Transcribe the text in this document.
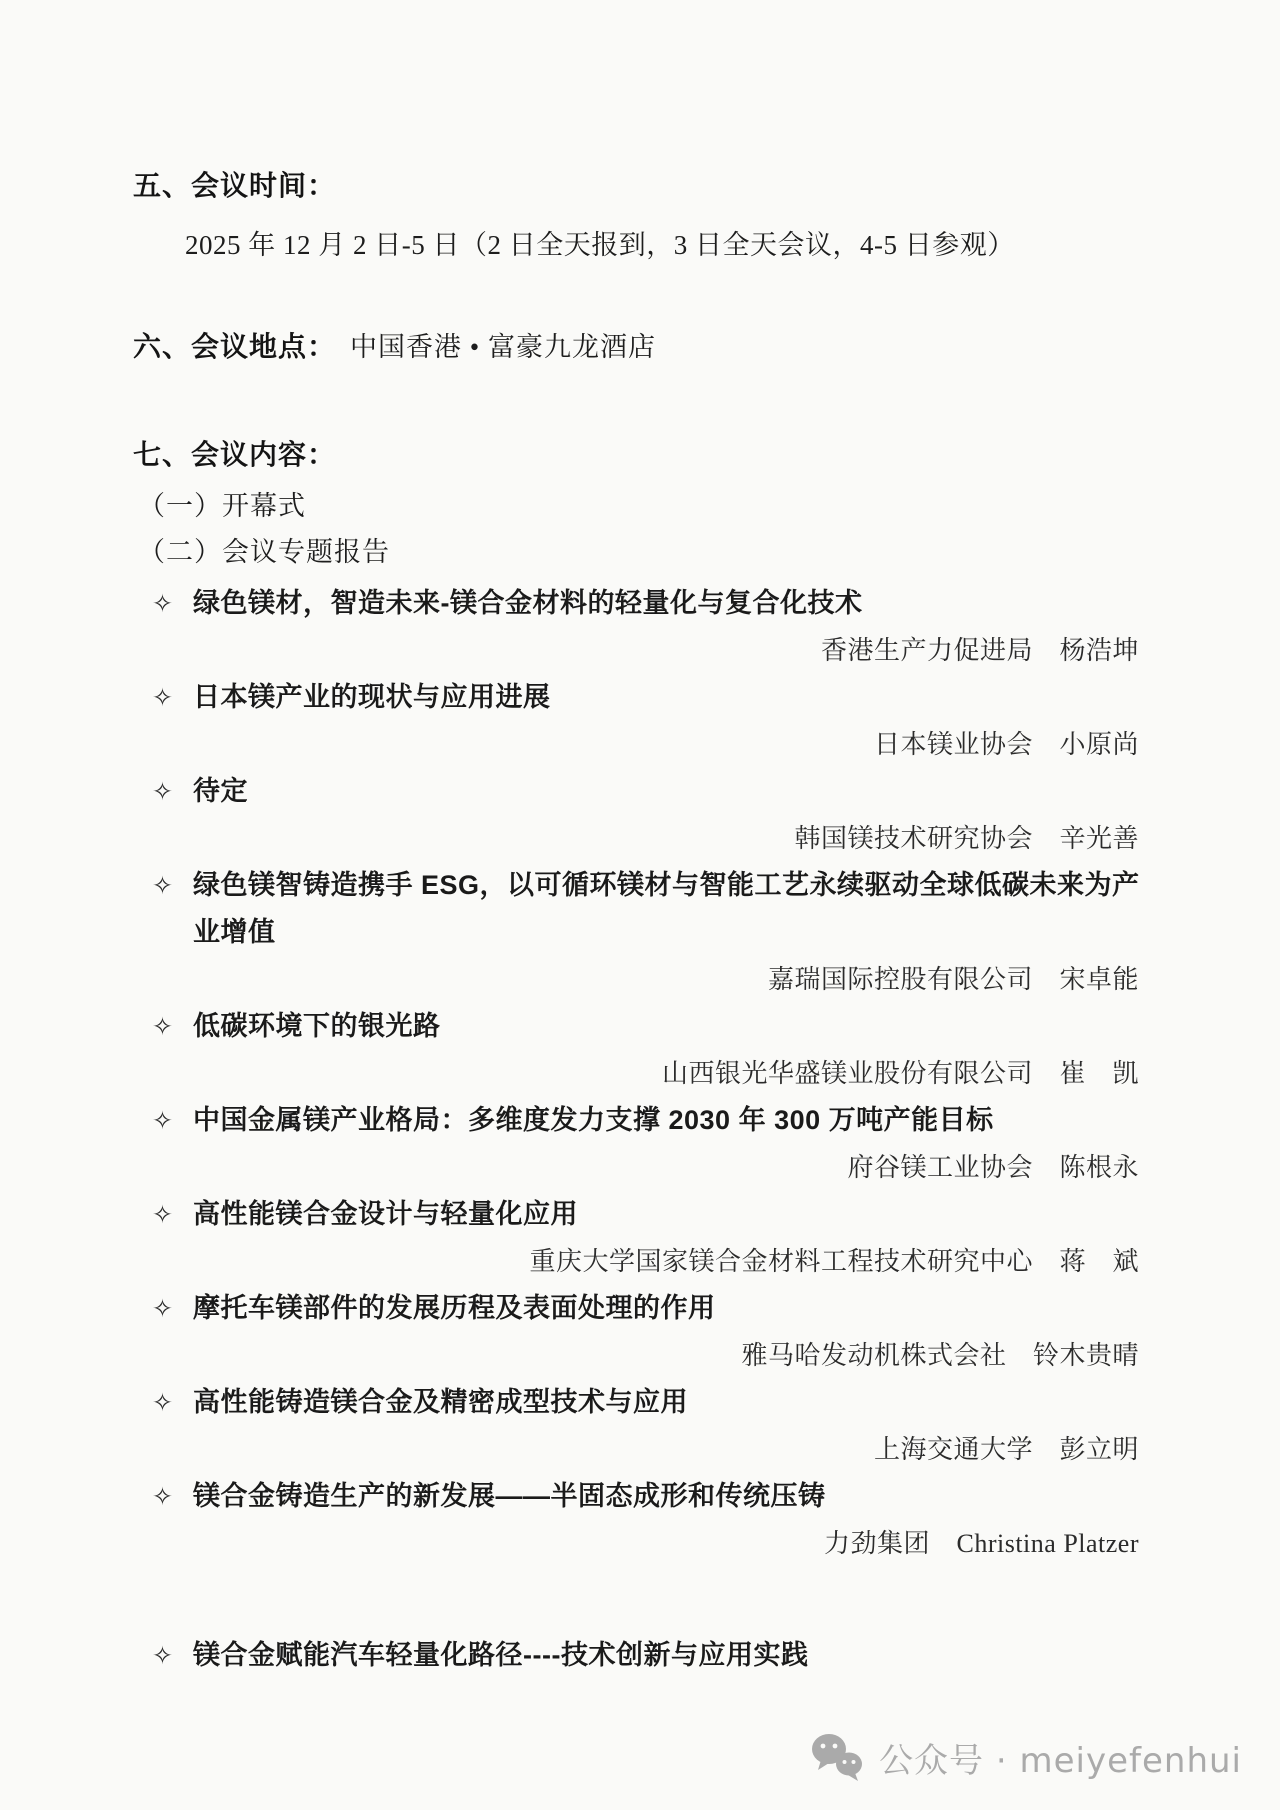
五、会议时间：

2025 年 12 月 2 日-5 日（2 日全天报到，3 日全天会议，4-5 日参观）

六、会议地点： 中国香港 • 富豪九龙酒店
七、会议内容：

（一）开幕式

（二）会议专题报告

✧ 绿色镁材，智造未来-镁合金材料的轻量化与复合化技术
香港生产力促进局　杨浩坤
✧ 日本镁产业的现状与应用进展
日本镁业协会　小原尚
✧ 待定
韩国镁技术研究协会　辛光善
✧ 绿色镁智铸造携手 ESG，以可循环镁材与智能工艺永续驱动全球低碳未来为产业增值
嘉瑞国际控股有限公司　宋卓能
✧ 低碳环境下的银光路
山西银光华盛镁业股份有限公司　崔　凯
✧ 中国金属镁产业格局：多维度发力支撑 2030 年 300 万吨产能目标
府谷镁工业协会　陈根永
✧ 高性能镁合金设计与轻量化应用
重庆大学国家镁合金材料工程技术研究中心　蒋　斌
✧ 摩托车镁部件的发展历程及表面处理的作用
雅马哈发动机株式会社　铃木贵晴
✧ 高性能铸造镁合金及精密成型技术与应用
上海交通大学　彭立明
✧ 镁合金铸造生产的新发展——半固态成形和传统压铸
力劲集团　Christina Platzer
✧ 镁合金赋能汽车轻量化路径----技术创新与应用实践
公众号 · meiyefenhui
